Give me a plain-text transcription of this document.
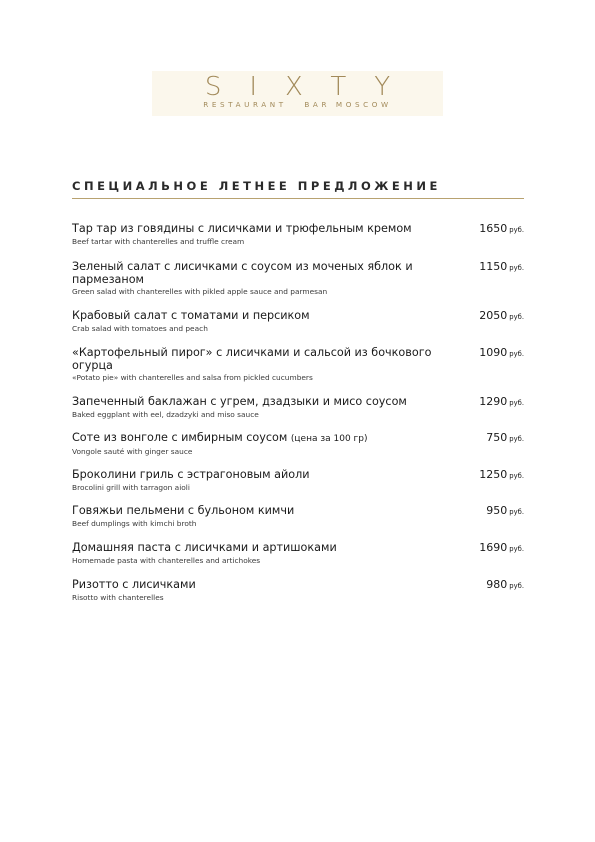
SIXTY
RESTAURANT   BAR MOSCOW
СПЕЦИАЛЬНОЕ ЛЕТНЕЕ ПРЕДЛОЖЕНИЕ
Тар тар из говядины с лисичками и трюфельным кремом
Beef tartar with chanterelles and truffle cream
1650 руб.
Зеленый салат с лисичками с соусом из моченых яблок и пармезаном
Green salad with chanterelles with pikled apple sauce and parmesan
1150 руб.
Крабовый салат с томатами и персиком
Crab salad with tomatoes and peach
2050 руб.
«Картофельный пирог» с лисичками и сальсой из бочкового огурца
«Potato pie» with chanterelles and salsa from pickled cucumbers
1090 руб.
Запеченный баклажан с угрем, дзадзыки и мисо соусом
Baked eggplant with eel, dzadzyki and miso sauce
1290 руб.
Соте из вонголе с имбирным соусом (цена за 100 гр)
Vongole sauté with ginger sauce
750 руб.
Броколини гриль с эстрагоновым айоли
Brocolini grill with tarragon aioli
1250 руб.
Говяжьи пельмени с бульоном кимчи
Beef dumplings with kimchi broth
950 руб.
Домашняя паста с лисичками и артишоками
Homemade pasta with chanterelles and artichokes
1690 руб.
Ризотто с лисичками
Risotto with chanterelles
980 руб.
